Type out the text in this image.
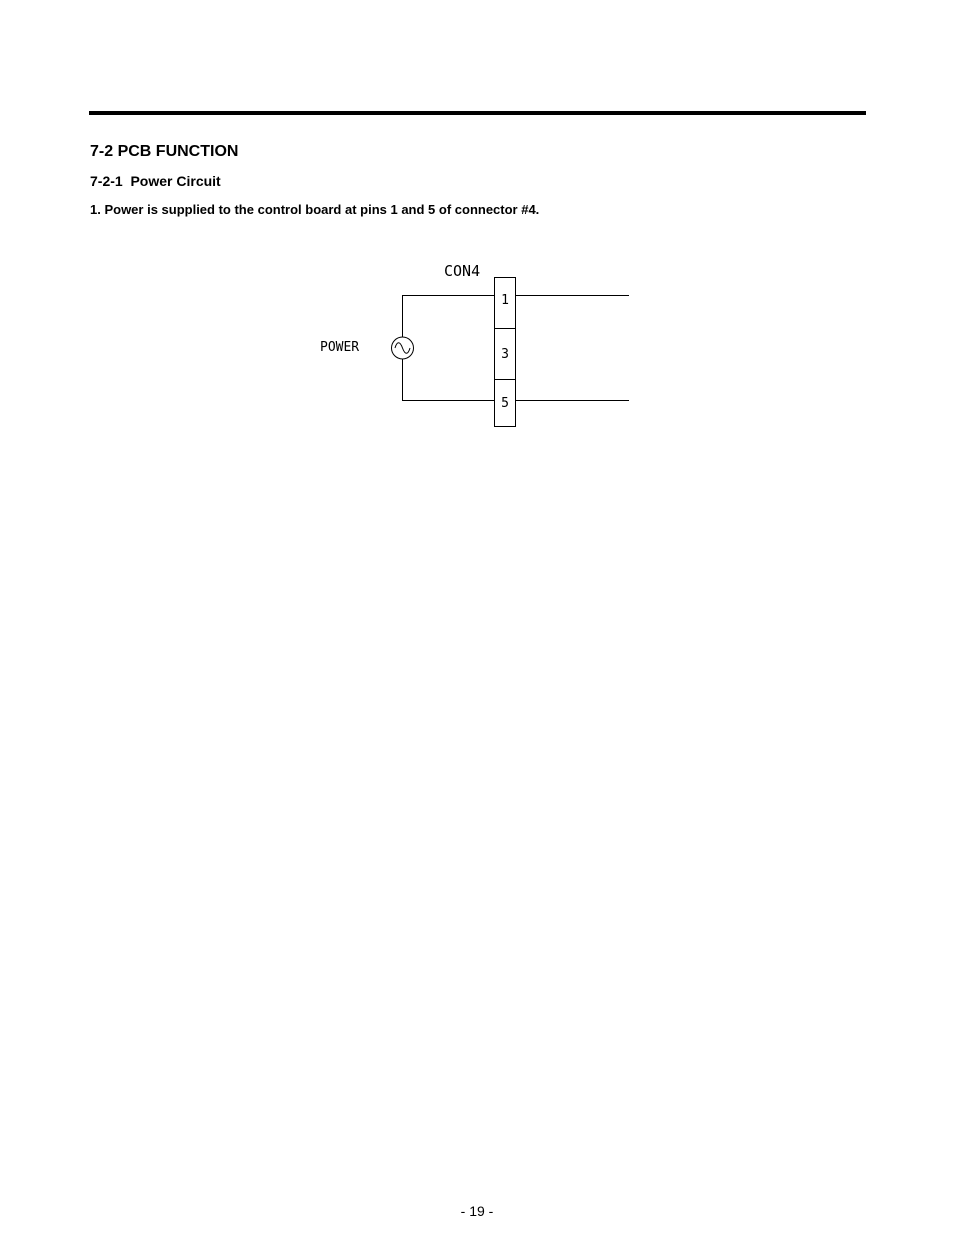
7-2 PCB FUNCTION
7-2-1  Power Circuit
1. Power is supplied to the control board at pins 1 and 5 of connector #4.
CON4
1
3
5
POWER
- 19 -
